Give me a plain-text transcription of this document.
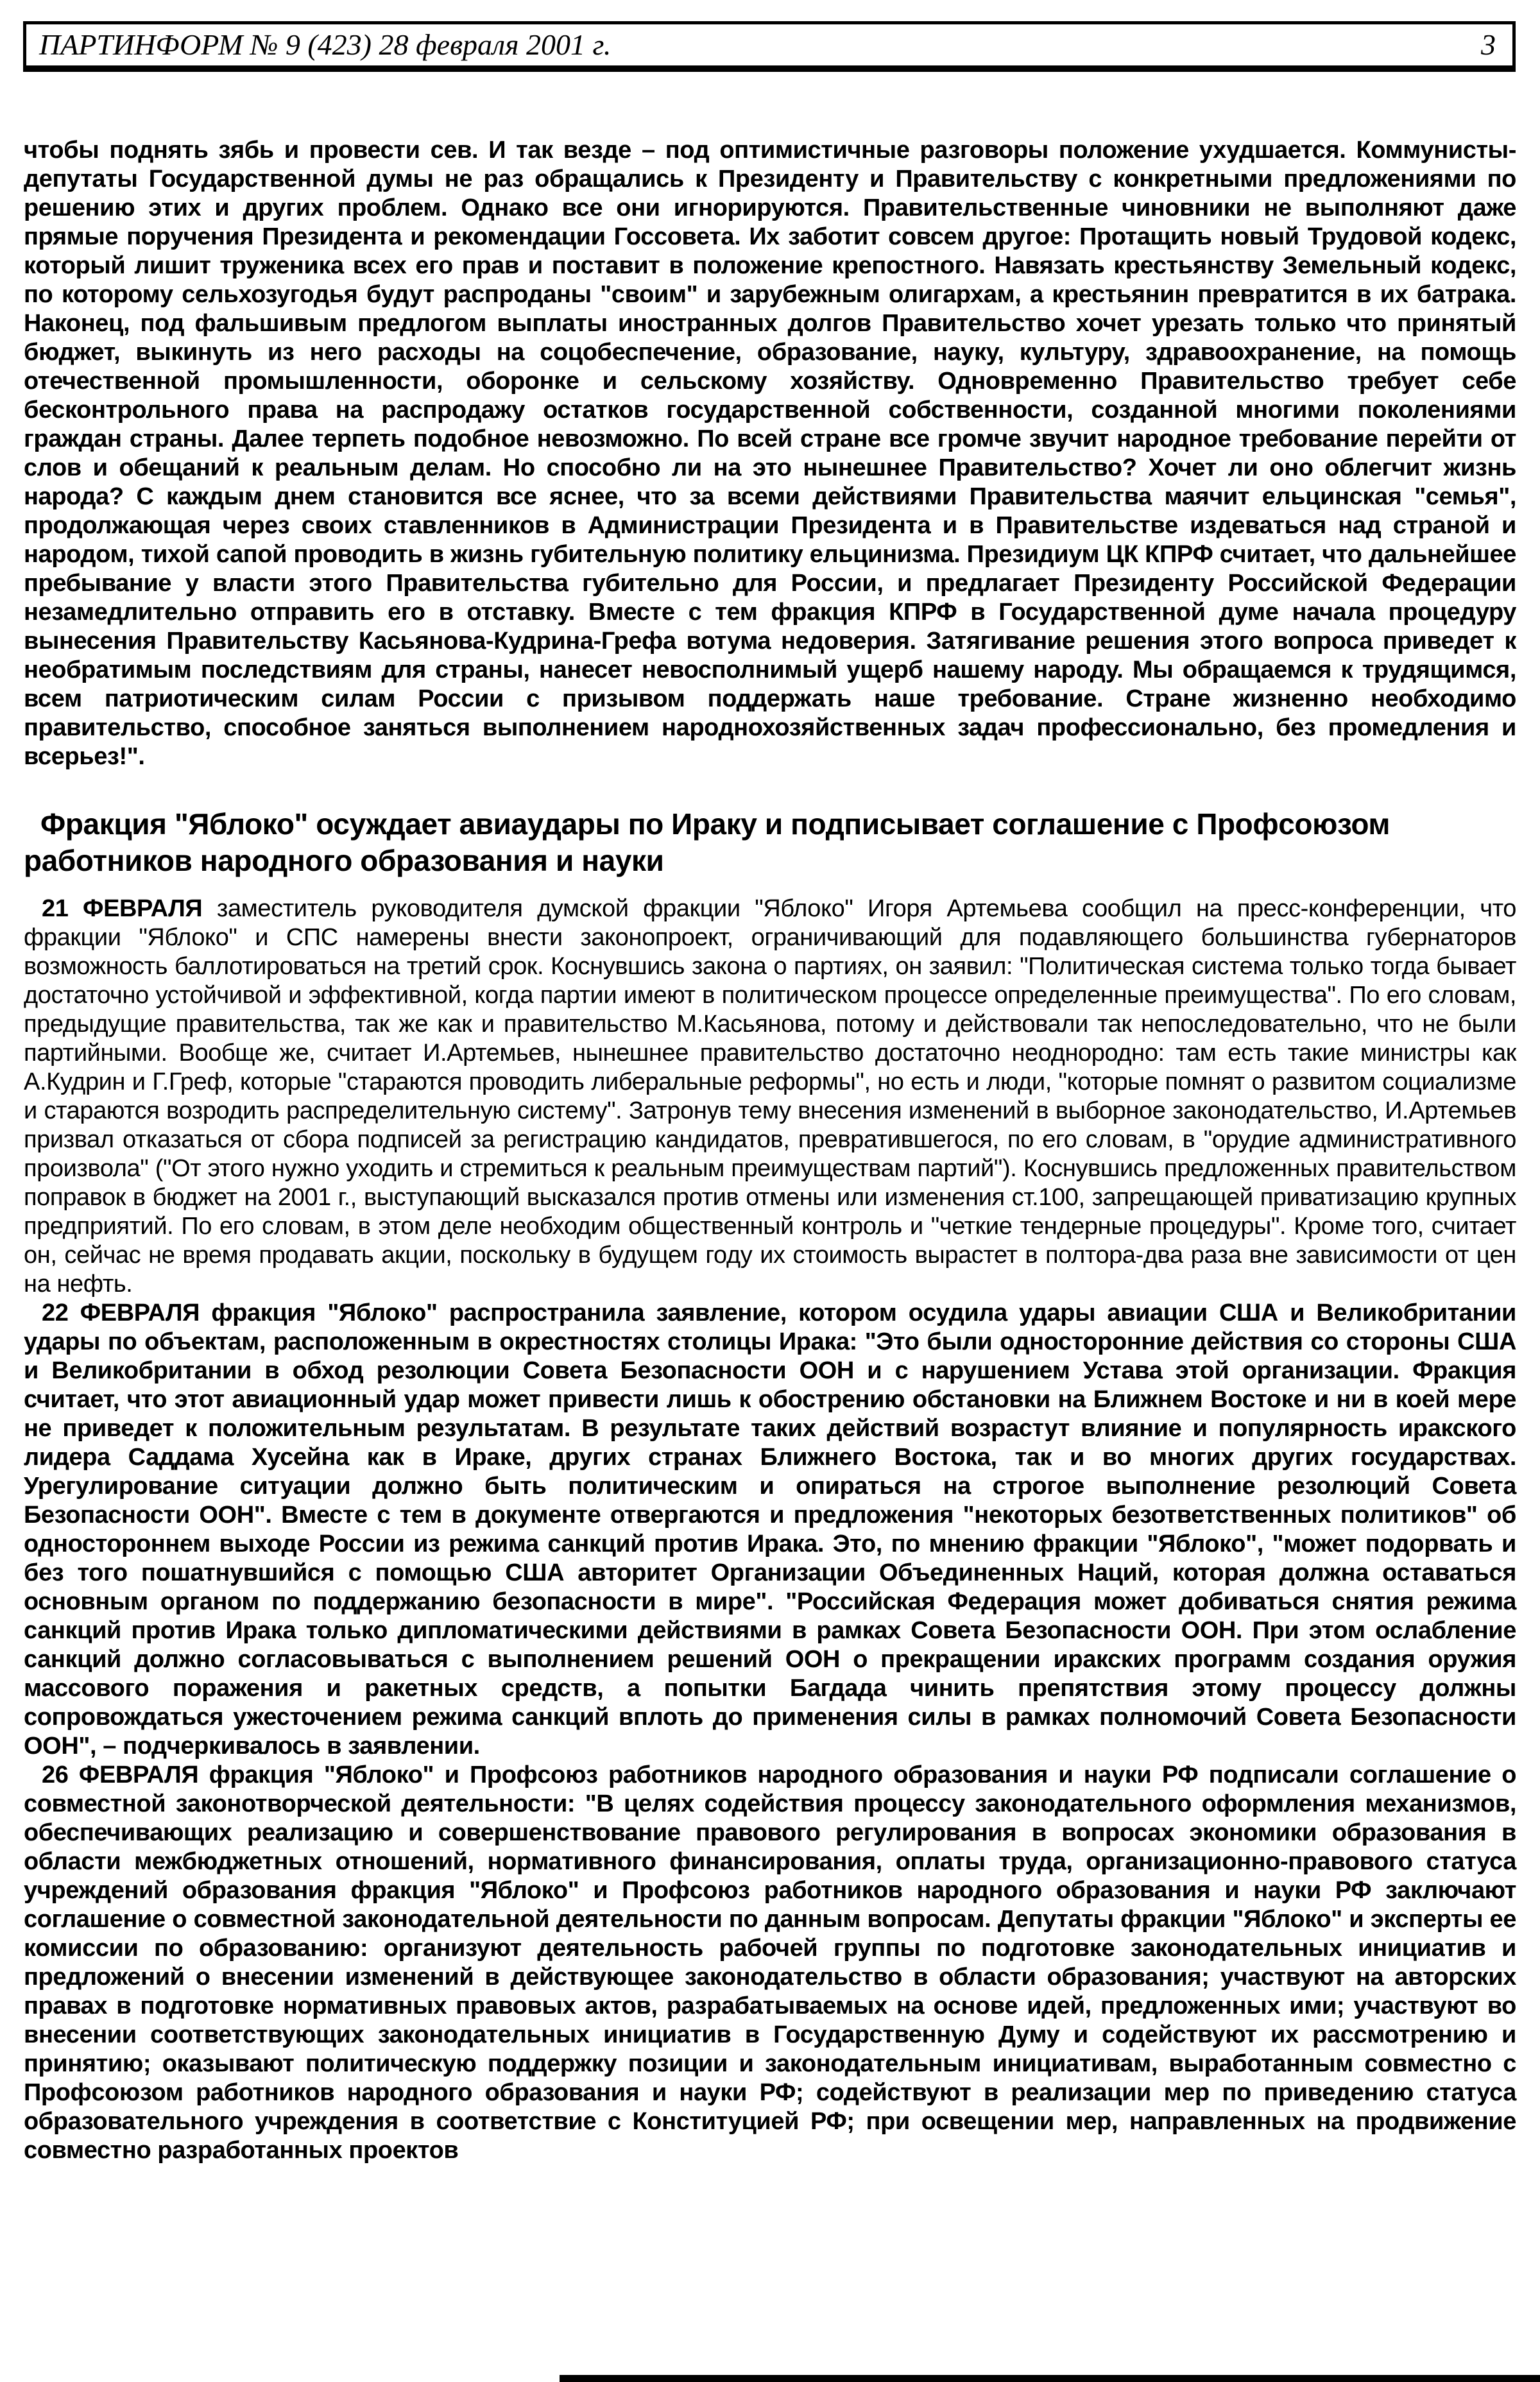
ПАРТИНФОРМ № 9 (423) 28 февраля 2001 г.	3

чтобы поднять зябь и провести сев. И так везде – под оптимистичные разговоры положение ухудшается. Коммунисты-депутаты Государственной думы не раз обращались к Президенту и Правительству с конкретными предложениями по решению этих и других проблем. Однако все они игнорируются. Правительственные чиновники не выполняют даже прямые поручения Президента и рекомендации Госсовета. Их заботит совсем другое: Протащить новый Трудовой кодекс, который лишит труженика всех его прав и поставит в положение крепостного. Навязать крестьянству Земельный кодекс, по которому сельхозугодья будут распроданы "своим" и зарубежным олигархам, а крестьянин превратится в их батрака. Наконец, под фальшивым предлогом выплаты иностранных долгов Правительство хочет урезать только что принятый бюджет, выкинуть из него расходы на соцобеспечение, образование, науку, культуру, здравоохранение, на помощь отечественной промышленности, оборонке и сельскому хозяйству. Одновременно Правительство требует себе бесконтрольного права на распродажу остатков государственной собственности, созданной многими поколениями граждан страны. Далее терпеть подобное невозможно. По всей стране все громче звучит народное требование перейти от слов и обещаний к реальным делам. Но способно ли на это нынешнее Правительство? Хочет ли оно облегчит жизнь народа? С каждым днем становится все яснее, что за всеми действиями Правительства маячит ельцинская "семья", продолжающая через своих ставленников в Администрации Президента и в Правительстве издеваться над страной и народом, тихой сапой проводить в жизнь губительную политику ельцинизма. Президиум ЦК КПРФ считает, что дальнейшее пребывание у власти этого Правительства губительно для России, и предлагает Президенту Российской Федерации незамедлительно отправить его в отставку. Вместе с тем фракция КПРФ в Государственной думе начала процедуру вынесения Правительству Касьянова-Кудрина-Грефа вотума недоверия. Затягивание решения этого вопроса приведет к необратимым последствиям для страны, нанесет невосполнимый ущерб нашему народу. Мы обращаемся к трудящимся, всем патриотическим силам России с призывом поддержать наше требование. Стране жизненно необходимо правительство, способное заняться выполнением народнохозяйственных задач профессионально, без промедления и всерьез!".

Фракция "Яблоко" осуждает авиаудары по Ираку и подписывает соглашение с Профсоюзом работников народного образования и науки

21 ФЕВРАЛЯ заместитель руководителя думской фракции "Яблоко" Игоря Артемьева сообщил на пресс-конференции, что фракции "Яблоко" и СПС намерены внести законопроект, ограничивающий для подавляющего большинства губернаторов возможность баллотироваться на третий срок. Коснувшись закона о партиях, он заявил: "Политическая система только тогда бывает достаточно устойчивой и эффективной, когда партии имеют в политическом процессе определенные преимущества". По его словам, предыдущие правительства, так же как и правительство М.Касьянова, потому и действовали так непоследовательно, что не были партийными. Вообще же, считает И.Артемьев, нынешнее правительство достаточно неоднородно: там есть такие министры как А.Кудрин и Г.Греф, которые "стараются проводить либеральные реформы", но есть и люди, "которые помнят о развитом социализме и стараются возродить распределительную систему". Затронув тему внесения изменений в выборное законодательство, И.Артемьев призвал отказаться от сбора подписей за регистрацию кандидатов, превратившегося, по его словам, в "орудие административного произвола" ("От этого нужно уходить и стремиться к реальным преимуществам партий"). Коснувшись предложенных правительством поправок в бюджет на 2001 г., выступающий высказался против отмены или изменения ст.100, запрещающей приватизацию крупных предприятий. По его словам, в этом деле необходим общественный контроль и "четкие тендерные процедуры". Кроме того, считает он, сейчас не время продавать акции, поскольку в будущем году их стоимость вырастет в полтора-два раза вне зависимости от цен на нефть.

22 ФЕВРАЛЯ фракция "Яблоко" распространила заявление, котором осудила удары авиации США и Великобритании удары по объектам, расположенным в окрестностях столицы Ирака: "Это были односторонние действия со стороны США и Великобритании в обход резолюции Совета Безопасности ООН и с нарушением Устава этой организации. Фракция считает, что этот авиационный удар может привести лишь к обострению обстановки на Ближнем Востоке и ни в коей мере не приведет к положительным результатам. В результате таких действий возрастут влияние и популярность иракского лидера Саддама Хусейна как в Ираке, других странах Ближнего Востока, так и во многих других государствах. Урегулирование ситуации должно быть политическим и опираться на строгое выполнение резолюций Совета Безопасности ООН". Вместе с тем в документе отвергаются и предложения "некоторых безответственных политиков" об одностороннем выходе России из режима санкций против Ирака. Это, по мнению фракции "Яблоко", "может подорвать и без того пошатнувшийся с помощью США авторитет Организации Объединенных Наций, которая должна оставаться основным органом по поддержанию безопасности в мире". "Российская Федерация может добиваться снятия режима санкций против Ирака только дипломатическими действиями в рамках Совета Безопасности ООН. При этом ослабление санкций должно согласовываться с выполнением решений ООН о прекращении иракских программ создания оружия массового поражения и ракетных средств, а попытки Багдада чинить препятствия этому процессу должны сопровождаться ужесточением режима санкций вплоть до применения силы в рамках полномочий Совета Безопасности ООН", – подчеркивалось в заявлении.

26 ФЕВРАЛЯ фракция "Яблоко" и Профсоюз работников народного образования и науки РФ подписали соглашение о совместной законотворческой деятельности: "В целях содействия процессу законодательного оформления механизмов, обеспечивающих реализацию и совершенствование правового регулирования в вопросах экономики образования в области межбюджетных отношений, нормативного финансирования, оплаты труда, организационно-правового статуса учреждений образования фракция "Яблоко" и Профсоюз работников народного образования и науки РФ заключают соглашение о совместной законодательной деятельности по данным вопросам. Депутаты фракции "Яблоко" и эксперты ее комиссии по образованию: организуют деятельность рабочей группы по подготовке законодательных инициатив и предложений о внесении изменений в действующее законодательство в области образования; участвуют на авторских правах в подготовке нормативных правовых актов, разрабатываемых на основе идей, предложенных ими; участвуют во внесении соответствующих законодательных инициатив в Государственную Думу и содействуют их рассмотрению и принятию; оказывают политическую поддержку позиции и законодательным инициативам, выработанным совместно с Профсоюзом работников народного образования и науки РФ; содействуют в реализации мер по приведению статуса образовательного учреждения в соответствие с Конституцией РФ; при освещении мер, направленных на продвижение совместно разработанных проектов
